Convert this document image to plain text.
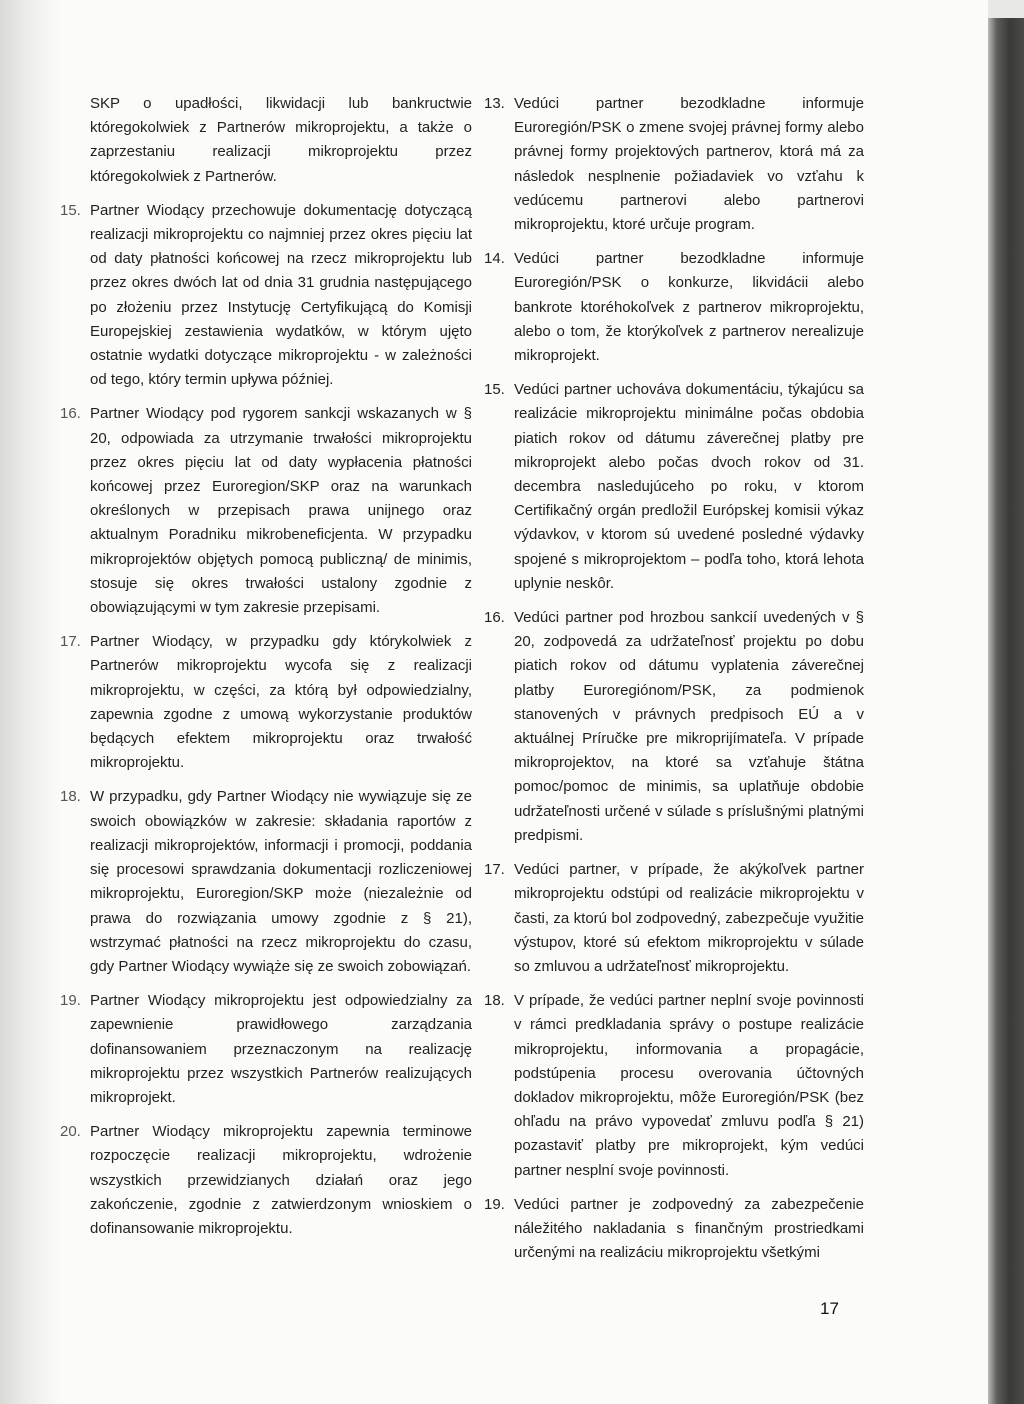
SKP o upadłości, likwidacji lub bankructwie któregokolwiek z Partnerów mikroprojektu, a także o zaprzestaniu realizacji mikroprojektu przez któregokolwiek z Partnerów.
15. Partner Wiodący przechowuje dokumentację dotyczącą realizacji mikroprojektu co najmniej przez okres pięciu lat od daty płatności końcowej na rzecz mikroprojektu lub przez okres dwóch lat od dnia 31 grudnia następującego po złożeniu przez Instytucję Certyfikującą do Komisji Europejskiej zestawienia wydatków, w którym ujęto ostatnie wydatki dotyczące mikroprojektu - w zależności od tego, który termin upływa później.
16. Partner Wiodący pod rygorem sankcji wskazanych w § 20, odpowiada za utrzymanie trwałości mikroprojektu przez okres pięciu lat od daty wypłacenia płatności końcowej przez Euroregion/SKP oraz na warunkach określonych w przepisach prawa unijnego oraz aktualnym Poradniku mikrobeneficjenta. W przypadku mikroprojektów objętych pomocą publiczną/ de minimis, stosuje się okres trwałości ustalony zgodnie z obowiązującymi w tym zakresie przepisami.
17. Partner Wiodący, w przypadku gdy którykolwiek z Partnerów mikroprojektu wycofa się z realizacji mikroprojektu, w części, za którą był odpowiedzialny, zapewnia zgodne z umową wykorzystanie produktów będących efektem mikroprojektu oraz trwałość mikroprojektu.
18. W przypadku, gdy Partner Wiodący nie wywiązuje się ze swoich obowiązków w zakresie: składania raportów z realizacji mikroprojektów, informacji i promocji, poddania się procesowi sprawdzania dokumentacji rozliczeniowej mikroprojektu, Euroregion/SKP może (niezależnie od prawa do rozwiązania umowy zgodnie z § 21), wstrzymać płatności na rzecz mikroprojektu do czasu, gdy Partner Wiodący wywiąże się ze swoich zobowiązań.
19. Partner Wiodący mikroprojektu jest odpowiedzialny za zapewnienie prawidłowego zarządzania dofinansowaniem przeznaczonym na realizację mikroprojektu przez wszystkich Partnerów realizujących mikroprojekt.
20. Partner Wiodący mikroprojektu zapewnia terminowe rozpoczęcie realizacji mikroprojektu, wdrożenie wszystkich przewidzianych działań oraz jego zakończenie, zgodnie z zatwierdzonym wnioskiem o dofinansowanie mikroprojektu.
13. Vedúci partner bezodkladne informuje Euroregión/PSK o zmene svojej právnej formy alebo právnej formy projektových partnerov, ktorá má za následok nesplnenie požiadaviek vo vzťahu k vedúcemu partnerovi alebo partnerovi mikroprojektu, ktoré určuje program.
14. Vedúci partner bezodkladne informuje Euroregión/PSK o konkurze, likvidácii alebo bankrote ktoréhokoľvek z partnerov mikroprojektu, alebo o tom, že ktorýkoľvek z partnerov nerealizuje mikroprojekt.
15. Vedúci partner uchováva dokumentáciu, týkajúcu sa realizácie mikroprojektu minimálne počas obdobia piatich rokov od dátumu záverečnej platby pre mikroprojekt alebo počas dvoch rokov od 31. decembra nasledujúceho po roku, v ktorom Certifikačný orgán predložil Európskej komisii výkaz výdavkov, v ktorom sú uvedené posledné výdavky spojené s mikroprojektom – podľa toho, ktorá lehota uplynie neskôr.
16. Vedúci partner pod hrozbou sankcií uvedených v § 20, zodpovedá za udržateľnosť projektu po dobu piatich rokov od dátumu vyplatenia záverečnej platby Euroregiónom/PSK, za podmienok stanovených v právnych predpisoch EÚ a v aktuálnej Príručke pre mikroprijímateľa. V prípade mikroprojektov, na ktoré sa vzťahuje štátna pomoc/pomoc de minimis, sa uplatňuje obdobie udržateľnosti určené v súlade s príslušnými platnými predpismi.
17. Vedúci partner, v prípade, že akýkoľvek partner mikroprojektu odstúpi od realizácie mikroprojektu v časti, za ktorú bol zodpovedný, zabezpečuje využitie výstupov, ktoré sú efektom mikroprojektu v súlade so zmluvou a udržateľnosť mikroprojektu.
18. V prípade, že vedúci partner neplní svoje povinnosti v rámci predkladania správy o postupe realizácie mikroprojektu, informovania a propagácie, podstúpenia procesu overovania účtovných dokladov mikroprojektu, môže Euroregión/PSK (bez ohľadu na právo vypovedať zmluvu podľa § 21) pozastaviť platby pre mikroprojekt, kým vedúci partner nesplní svoje povinnosti.
19. Vedúci partner je zodpovedný za zabezpečenie náležitého nakladania s finančným prostriedkami určenými na realizáciu mikroprojektu všetkými
17
